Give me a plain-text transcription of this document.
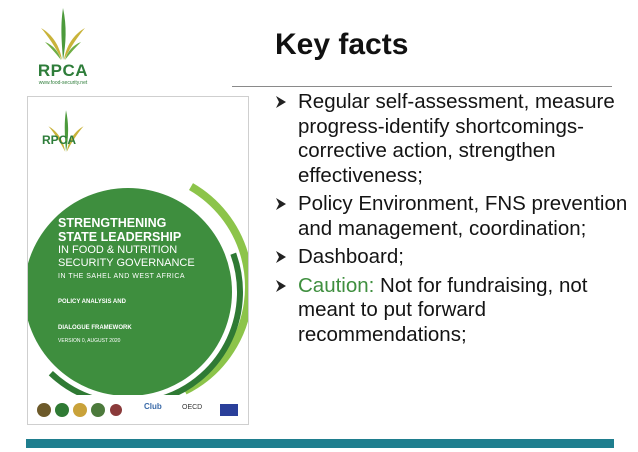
RPCA
www.food-security.net
Key facts
RPCA
STRENGTHENING
STATE LEADERSHIP
IN FOOD & NUTRITION
SECURITY GOVERNANCE
IN THE SAHEL AND WEST AFRICA
POLICY ANALYSIS AND
DIALOGUE FRAMEWORK
VERSION 0, AUGUST 2020
Club	OECD
Regular self-assessment, measure progress-identify shortcomings-corrective action, strengthen effectiveness;
Policy Environment, FNS prevention and management, coordination;
Dashboard;
Caution: Not for fundraising, not meant to put forward recommendations;
